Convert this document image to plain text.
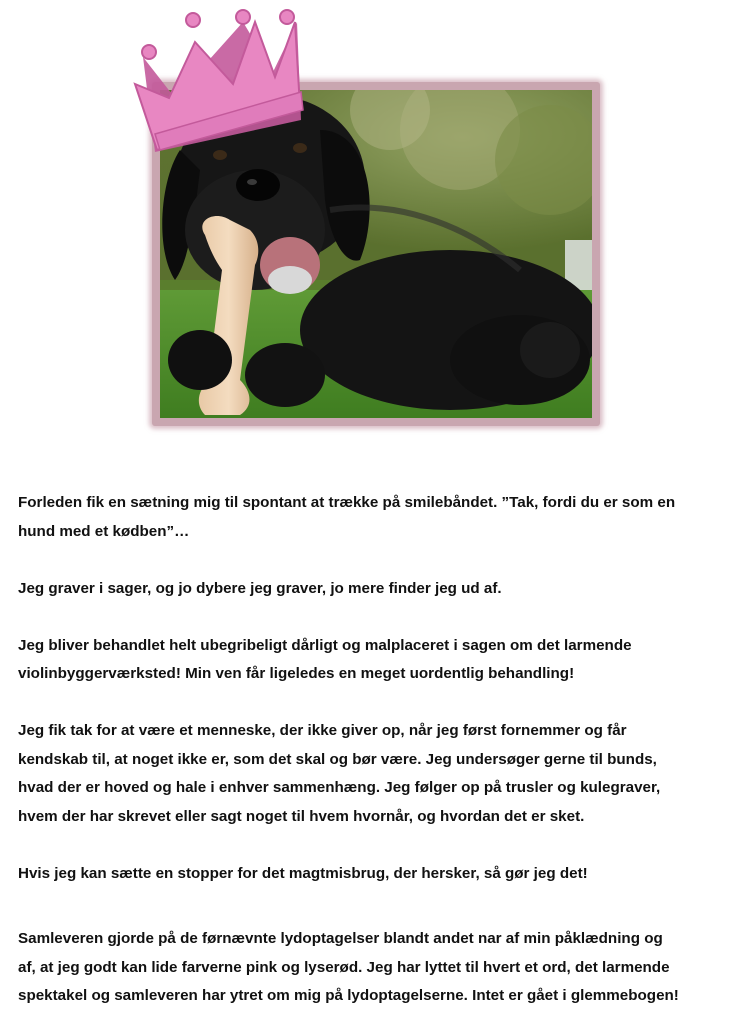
Forleden fik en sætning mig til spontant at trække på smilebåndet. ”Tak, fordi du er som en
hund med et kødben”…

Jeg graver i sager, og jo dybere jeg graver, jo mere finder jeg ud af.

Jeg bliver behandlet helt ubegribeligt dårligt og malplaceret i sagen om det larmende
violinbyggerværksted! Min ven får ligeledes en meget uordentlig behandling!

Jeg fik tak for at være et menneske, der ikke giver op, når jeg først fornemmer og får
kendskab til, at noget ikke er, som det skal og bør være. Jeg undersøger gerne til bunds,
hvad der er hoved og hale i enhver sammenhæng. Jeg følger op på trusler og kulegraver,
hvem der har skrevet eller sagt noget til hvem hvornår, og hvordan det er sket.

Hvis jeg kan sætte en stopper for det magtmisbrug, der hersker, så gør jeg det!

Samleveren gjorde på de førnævnte lydoptagelser blandt andet nar af min påklædning og
af, at jeg godt kan lide farverne pink og lyserød. Jeg har lyttet til hvert et ord, det larmende
spektakel og samleveren har ytret om mig på lydoptagelserne. Intet er gået i glemmebogen!
